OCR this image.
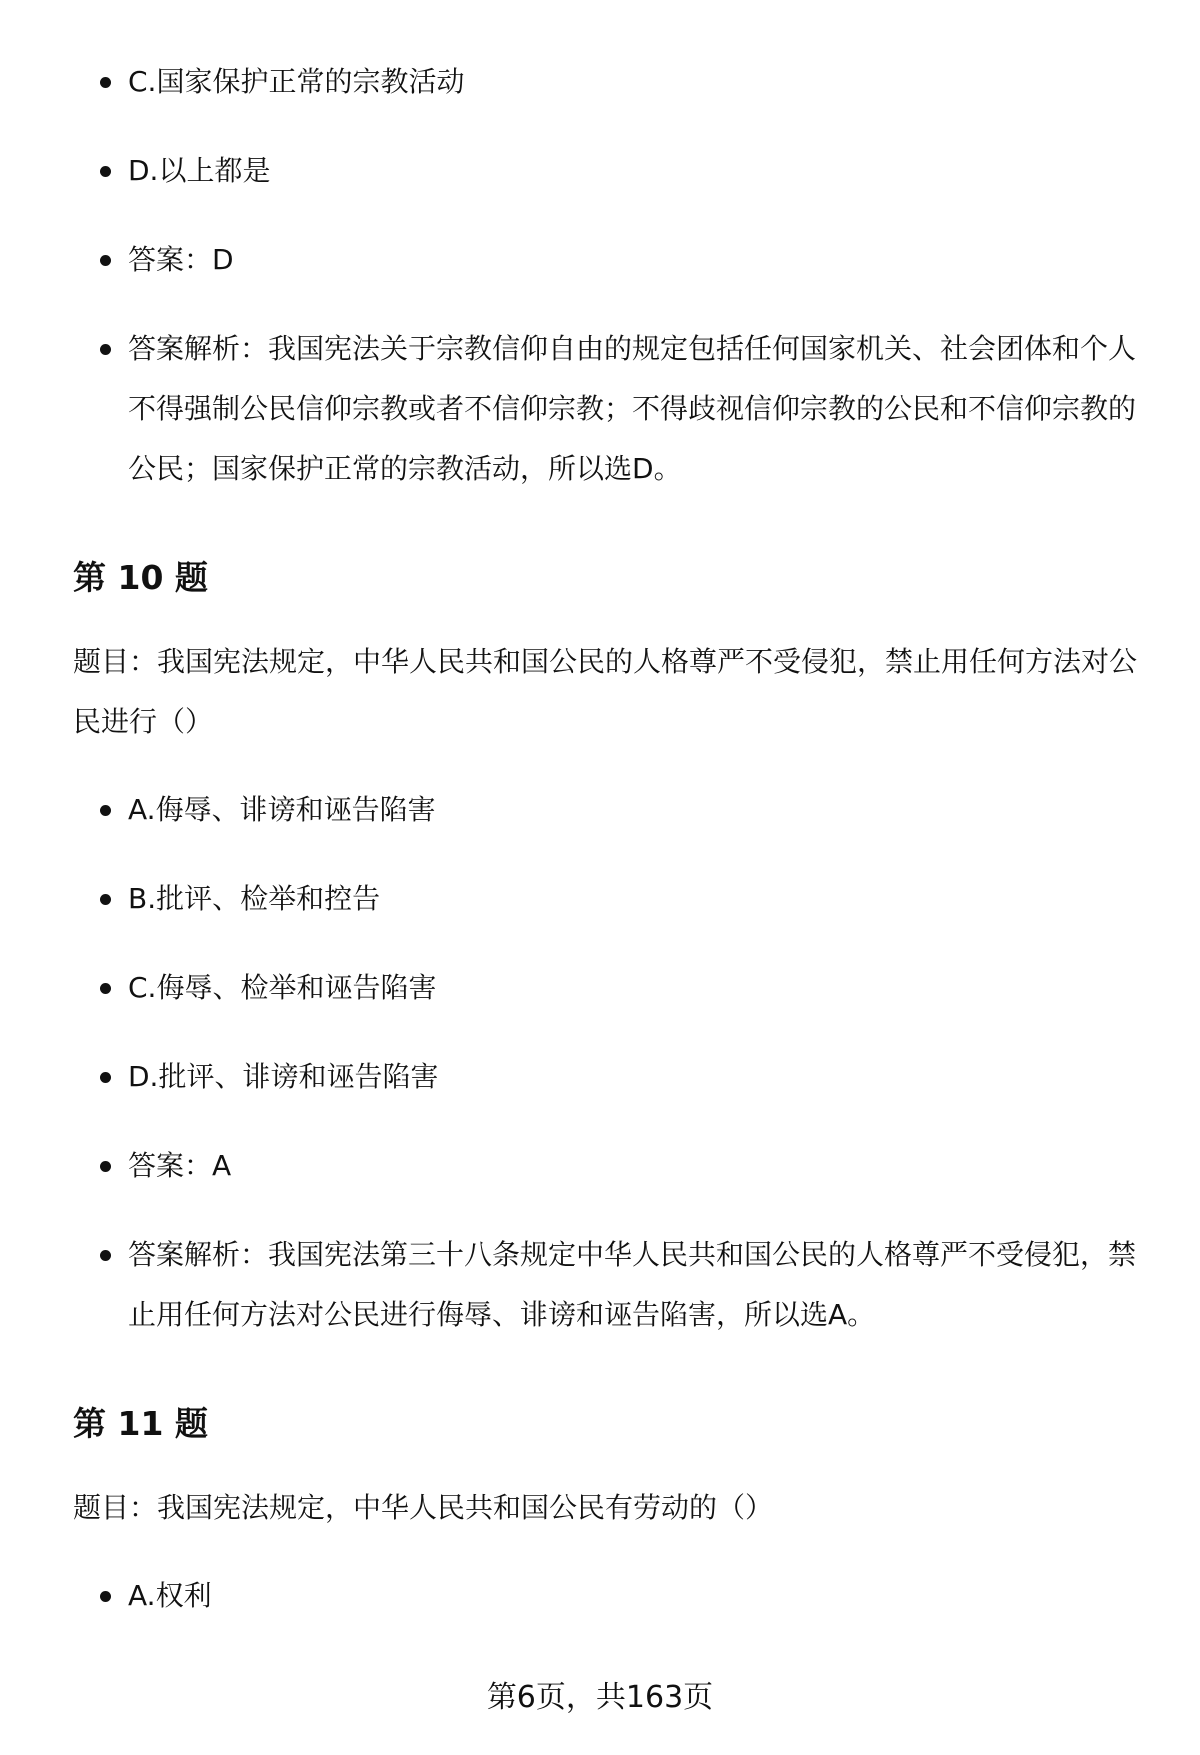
C.国家保护正常的宗教活动
D.以上都是
答案：D
答案解析：我国宪法关于宗教信仰自由的规定包括任何国家机关、社会团体和个人不得强制公民信仰宗教或者不信仰宗教；不得歧视信仰宗教的公民和不信仰宗教的公民；国家保护正常的宗教活动，所以选D。
第 10 题

题目：我国宪法规定，中华人民共和国公民的人格尊严不受侵犯，禁止用任何方法对公民进行（）

A.侮辱、诽谤和诬告陷害
B.批评、检举和控告
C.侮辱、检举和诬告陷害
D.批评、诽谤和诬告陷害
答案：A
答案解析：我国宪法第三十八条规定中华人民共和国公民的人格尊严不受侵犯，禁止用任何方法对公民进行侮辱、诽谤和诬告陷害，所以选A。
第 11 题

题目：我国宪法规定，中华人民共和国公民有劳动的（）

A.权利
第6页，共163页
